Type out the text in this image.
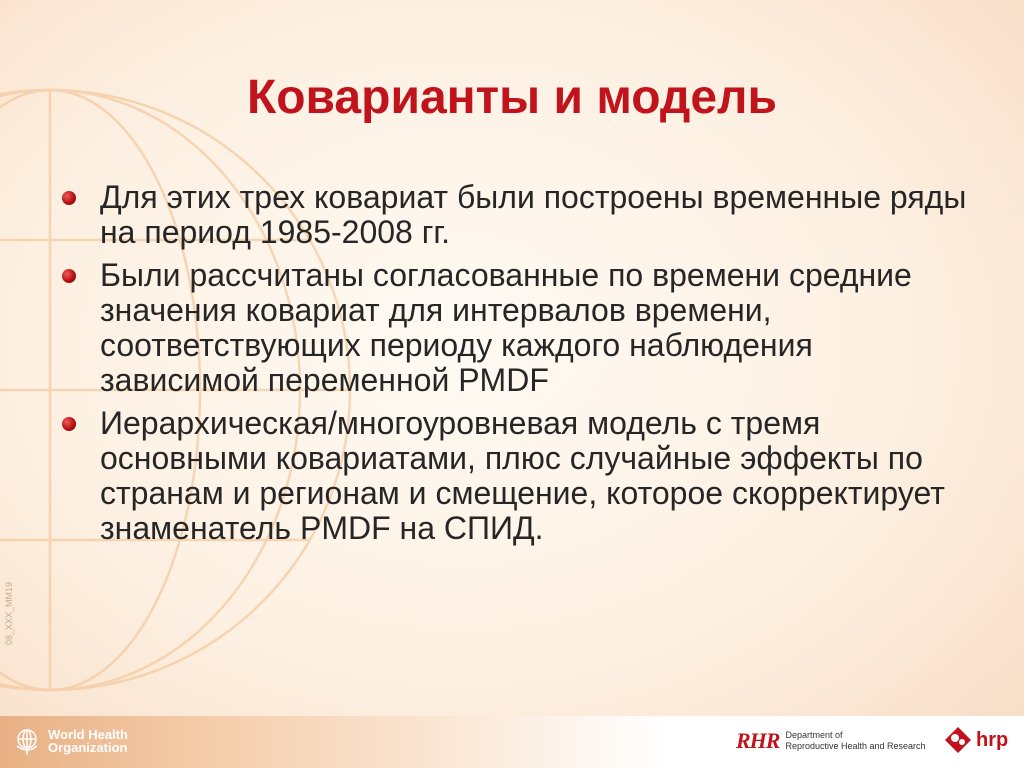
Коварианты и модель
Для этих трех ковариат были построены временные ряды на период 1985-2008 гг.
Были рассчитаны согласованные по времени средние значения ковариат для интервалов времени, соответствующих периоду каждого наблюдения зависимой переменной PMDF
Иерархическая/многоуровневая модель с тремя основными ковариатами, плюс случайные эффекты по странам и регионам и смещение, которое скорректирует знаменатель PMDF на СПИД.
08_XXX_MM19
World Health
Organization	RHR Department of
Reproductive Health and Research	hrp
